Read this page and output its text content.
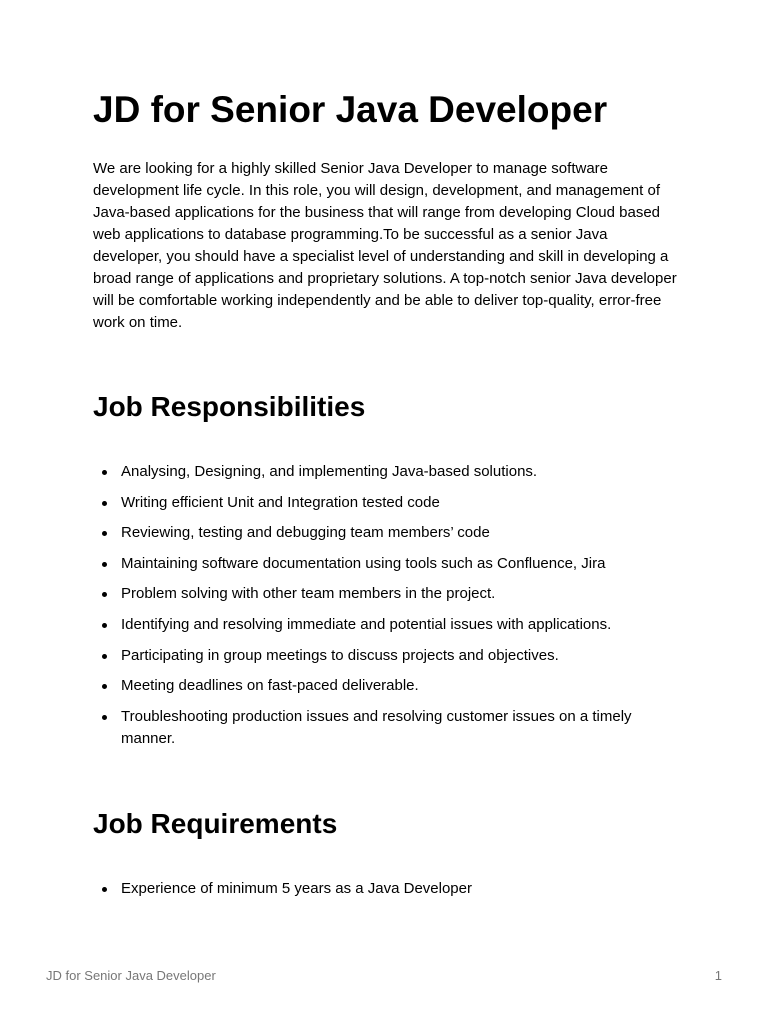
JD for Senior Java Developer

We are looking for a highly skilled Senior Java Developer to manage software development life cycle. In this role, you will design, development, and management of Java-based applications for the business that will range from developing Cloud based web applications to database programming.To be successful as a senior Java developer, you should have a specialist level of understanding and skill in developing a broad range of applications and proprietary solutions. A top-notch senior Java developer will be comfortable working independently and be able to deliver top-quality, error-free work on time.

Job Responsibilities
Analysing, Designing, and implementing Java-based solutions.
Writing efficient Unit and Integration tested code
Reviewing, testing and debugging team members’ code
Maintaining software documentation using tools such as Confluence, Jira
Problem solving with other team members in the project.
Identifying and resolving immediate and potential issues with applications.
Participating in group meetings to discuss projects and objectives.
Meeting deadlines on fast-paced deliverable.
Troubleshooting production issues and resolving customer issues on a timely manner.
Job Requirements
Experience of minimum 5 years as a Java Developer
JD for Senior Java Developer	1
